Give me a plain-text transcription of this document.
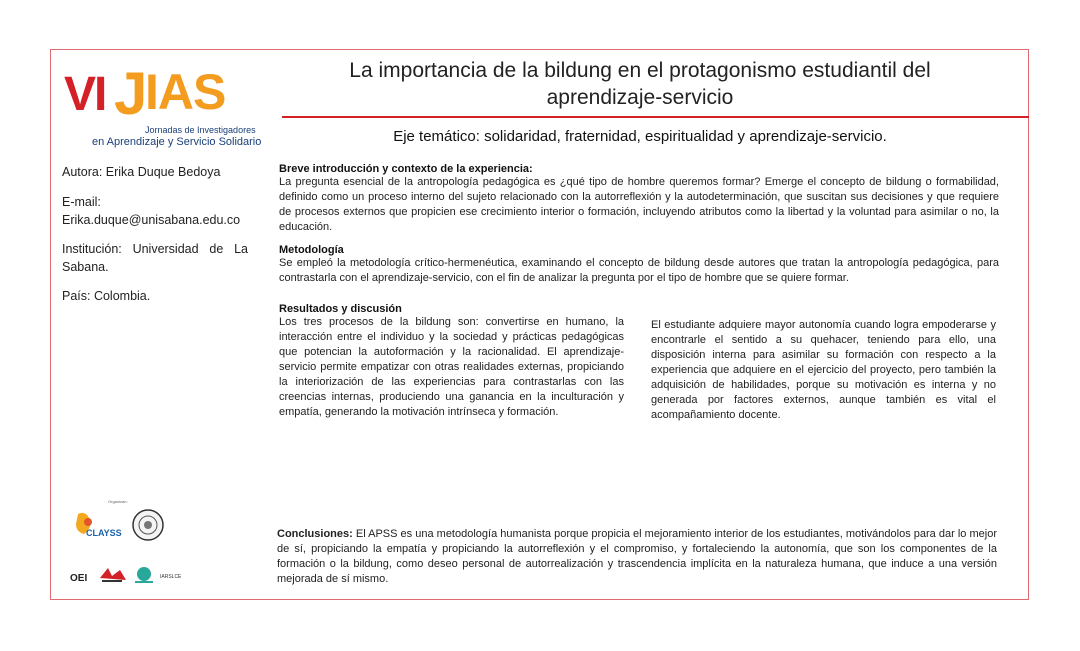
VI J
IAS
Jornadas de Investigadores
en Aprendizaje y Servicio Solidario
La importancia de la bildung en el protagonismo estudiantil del
aprendizaje-servicio
Eje temático: solidaridad, fraternidad, espiritualidad y aprendizaje-servicio.
Autora: Erika Duque Bedoya
E-mail:
Erika.duque@unisabana.edu.co
Institución: Universidad de La Sabana.
País: Colombia.
Breve introducción y contexto de la experiencia:
La pregunta esencial de la antropología pedagógica es ¿qué tipo de hombre queremos formar? Emerge el concepto de bildung o formabilidad, definido como un proceso interno del sujeto relacionado con la autorreflexión y la autodeterminación, que suscitan sus decisiones y que requiere de procesos externos que propicien ese crecimiento interior o formación, incluyendo atributos como la libertad y la voluntad para asimilar o no, la educación.
Metodología
Se empleó la metodología crítico-hermenéutica, examinando el concepto de bildung desde autores que tratan la antropología pedagógica, para contrastarla con el aprendizaje-servicio, con el fin de analizar la pregunta por el tipo de hombre que se quiere formar.
Resultados y discusión
Los tres procesos de la bildung son: convertirse en humano, la interacción entre el individuo y la sociedad y prácticas pedagógicas que potencian la autoformación y la racionalidad. El aprendizaje-servicio permite empatizar con otras realidades externas, propiciando la interiorización de las experiencias para contrastarlas con las creencias internas, produciendo una ganancia en la inculturación y empatía, generando la motivación intrínseca y formación.
El estudiante adquiere mayor autonomía cuando logra empoderarse y encontrarle el sentido a su quehacer, teniendo para ello, una disposición interna para asimilar su formación con respecto a la experiencia que adquiere en el ejercicio del proyecto, pero también la adquisición de habilidades, porque su motivación es interna y no generada por factores externos, aunque también es vital el acompañamiento docente.
Organizan:
CLAYSS
OEI	IARSLCE
Conclusiones: El APSS es una metodología humanista porque propicia el mejoramiento interior de los estudiantes, motivándolos para dar lo mejor de sí, propiciando la empatía y propiciando la autorreflexión y el compromiso, y fortaleciendo la autonomía, que son los componentes de la formación o la bildung, como deseo personal de autorrealización y trascendencia implícita en la naturaleza humana, que induce a una versión mejorada de sí mismo.
